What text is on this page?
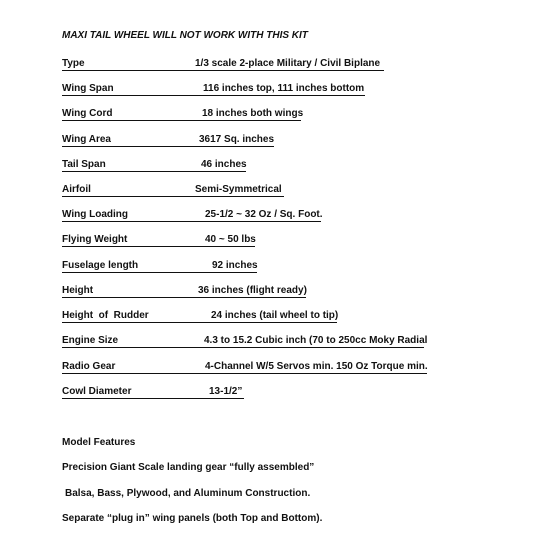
MAXI TAIL WHEEL WILL NOT WORK WITH THIS KIT
Type	1/3 scale 2-place Military / Civil Biplane
Wing Span	116 inches top, 111 inches bottom
Wing Cord	18 inches both wings
Wing Area	3617 Sq. inches
Tail Span	46 inches
Airfoil	Semi-Symmetrical
Wing Loading	25-1/2 ~ 32 Oz / Sq. Foot.
Flying Weight	40 ~ 50 lbs
Fuselage length	92 inches
Height	36 inches (flight ready)
Height  of  Rudder	24 inches (tail wheel to tip)
Engine Size	4.3 to 15.2 Cubic inch (70 to 250cc Moky Radial
Radio Gear	4-Channel W/5 Servos min. 150 Oz Torque min.
Cowl Diameter	13-1/2”
Model Features
Precision Giant Scale landing gear “fully assembled”
Balsa, Bass, Plywood, and Aluminum Construction.
Separate “plug in” wing panels (both Top and Bottom).
